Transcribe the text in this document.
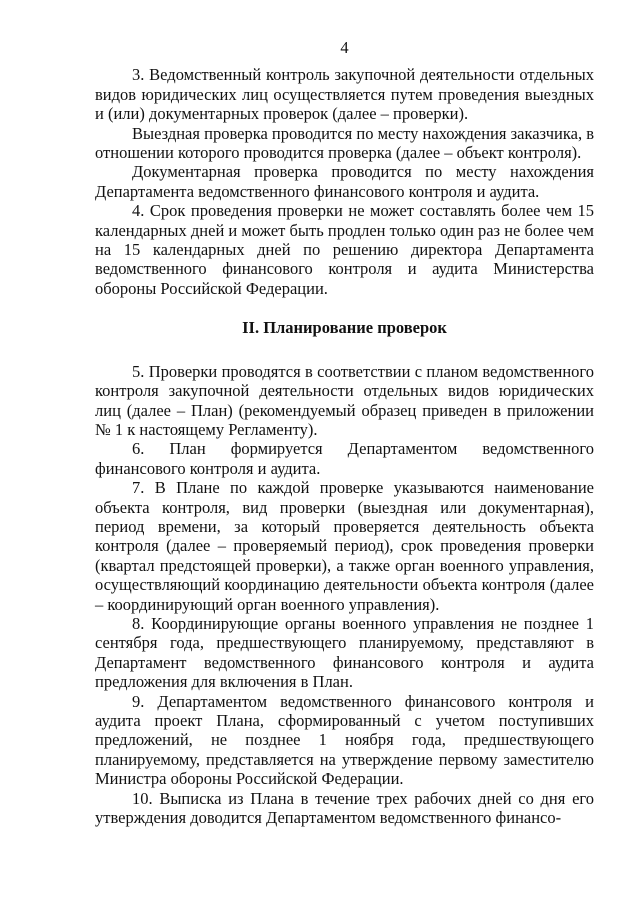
4

3. Ведомственный контроль закупочной деятельности отдельных видов юридических лиц осуществляется путем проведения выездных и (или) документарных проверок (далее – проверки).

Выездная проверка проводится по месту нахождения заказчика, в отношении которого проводится проверка (далее – объект контроля).

Документарная проверка проводится по месту нахождения Департамента ведомственного финансового контроля и аудита.

4. Срок проведения проверки не может составлять более чем 15 календарных дней и может быть продлен только один раз не более чем на 15 календарных дней по решению директора Департамента ведомственного финансового контроля и аудита Министерства обороны Российской Федерации.

II. Планирование проверок

5. Проверки проводятся в соответствии с планом ведомственного контроля закупочной деятельности отдельных видов юридических лиц (далее – План) (рекомендуемый образец приведен в приложении № 1 к настоящему Регламенту).

6. План формируется Департаментом ведомственного финансового контроля и аудита.

7. В Плане по каждой проверке указываются наименование объекта контроля, вид проверки (выездная или документарная), период времени, за который проверяется деятельность объекта контроля (далее – проверяемый период), срок проведения проверки (квартал предстоящей проверки), а также орган военного управления, осуществляющий координацию деятельности объекта контроля (далее – координирующий орган военного управления).

8. Координирующие органы военного управления не позднее 1 сентября года, предшествующего планируемому, представляют в Департамент ведомственного финансового контроля и аудита предложения для включения в План.

9. Департаментом ведомственного финансового контроля и аудита проект Плана, сформированный с учетом поступивших предложений, не позднее 1 ноября года, предшествующего планируемому, представляется на утверждение первому заместителю Министра обороны Российской Федерации.

10. Выписка из Плана в течение трех рабочих дней со дня его утверждения доводится Департаментом ведомственного финансо-
